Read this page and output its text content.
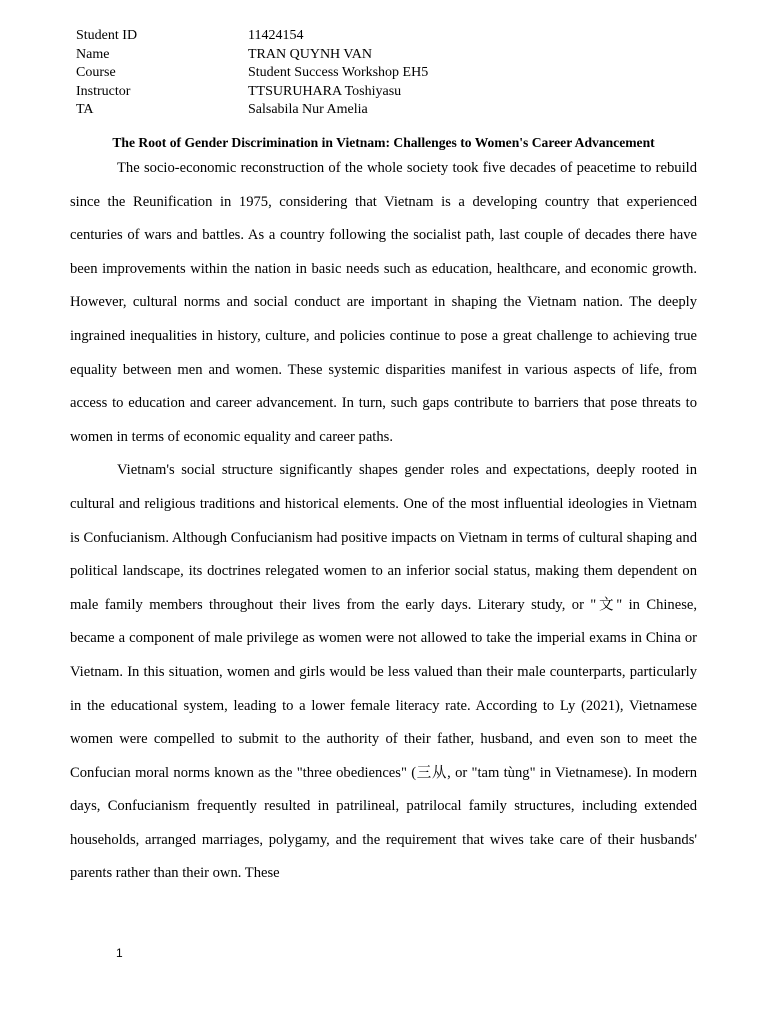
Student ID	11424154
Name	TRAN QUYNH VAN
Course	Student Success Workshop EH5
Instructor	TTSURUHARA Toshiyasu
TA	Salsabila Nur Amelia
The Root of Gender Discrimination in Vietnam: Challenges to Women's Career Advancement

The socio-economic reconstruction of the whole society took five decades of peacetime to rebuild since the Reunification in 1975, considering that Vietnam is a developing country that experienced centuries of wars and battles. As a country following the socialist path, last couple of decades there have been improvements within the nation in basic needs such as education, healthcare, and economic growth. However, cultural norms and social conduct are important in shaping the Vietnam nation. The deeply ingrained inequalities in history, culture, and policies continue to pose a great challenge to achieving true equality between men and women. These systemic disparities manifest in various aspects of life, from access to education and career advancement. In turn, such gaps contribute to barriers that pose threats to women in terms of economic equality and career paths.

Vietnam's social structure significantly shapes gender roles and expectations, deeply rooted in cultural and religious traditions and historical elements. One of the most influential ideologies in Vietnam is Confucianism. Although Confucianism had positive impacts on Vietnam in terms of cultural shaping and political landscape, its doctrines relegated women to an inferior social status, making them dependent on male family members throughout their lives from the early days. Literary study, or "文" in Chinese, became a component of male privilege as women were not allowed to take the imperial exams in China or Vietnam. In this situation, women and girls would be less valued than their male counterparts, particularly in the educational system, leading to a lower female literacy rate. According to Ly (2021), Vietnamese women were compelled to submit to the authority of their father, husband, and even son to meet the Confucian moral norms known as the "three obediences" (三从, or "tam tùng" in Vietnamese). In modern days, Confucianism frequently resulted in patrilineal, patrilocal family structures, including extended households, arranged marriages, polygamy, and the requirement that wives take care of their husbands' parents rather than their own. These

1
